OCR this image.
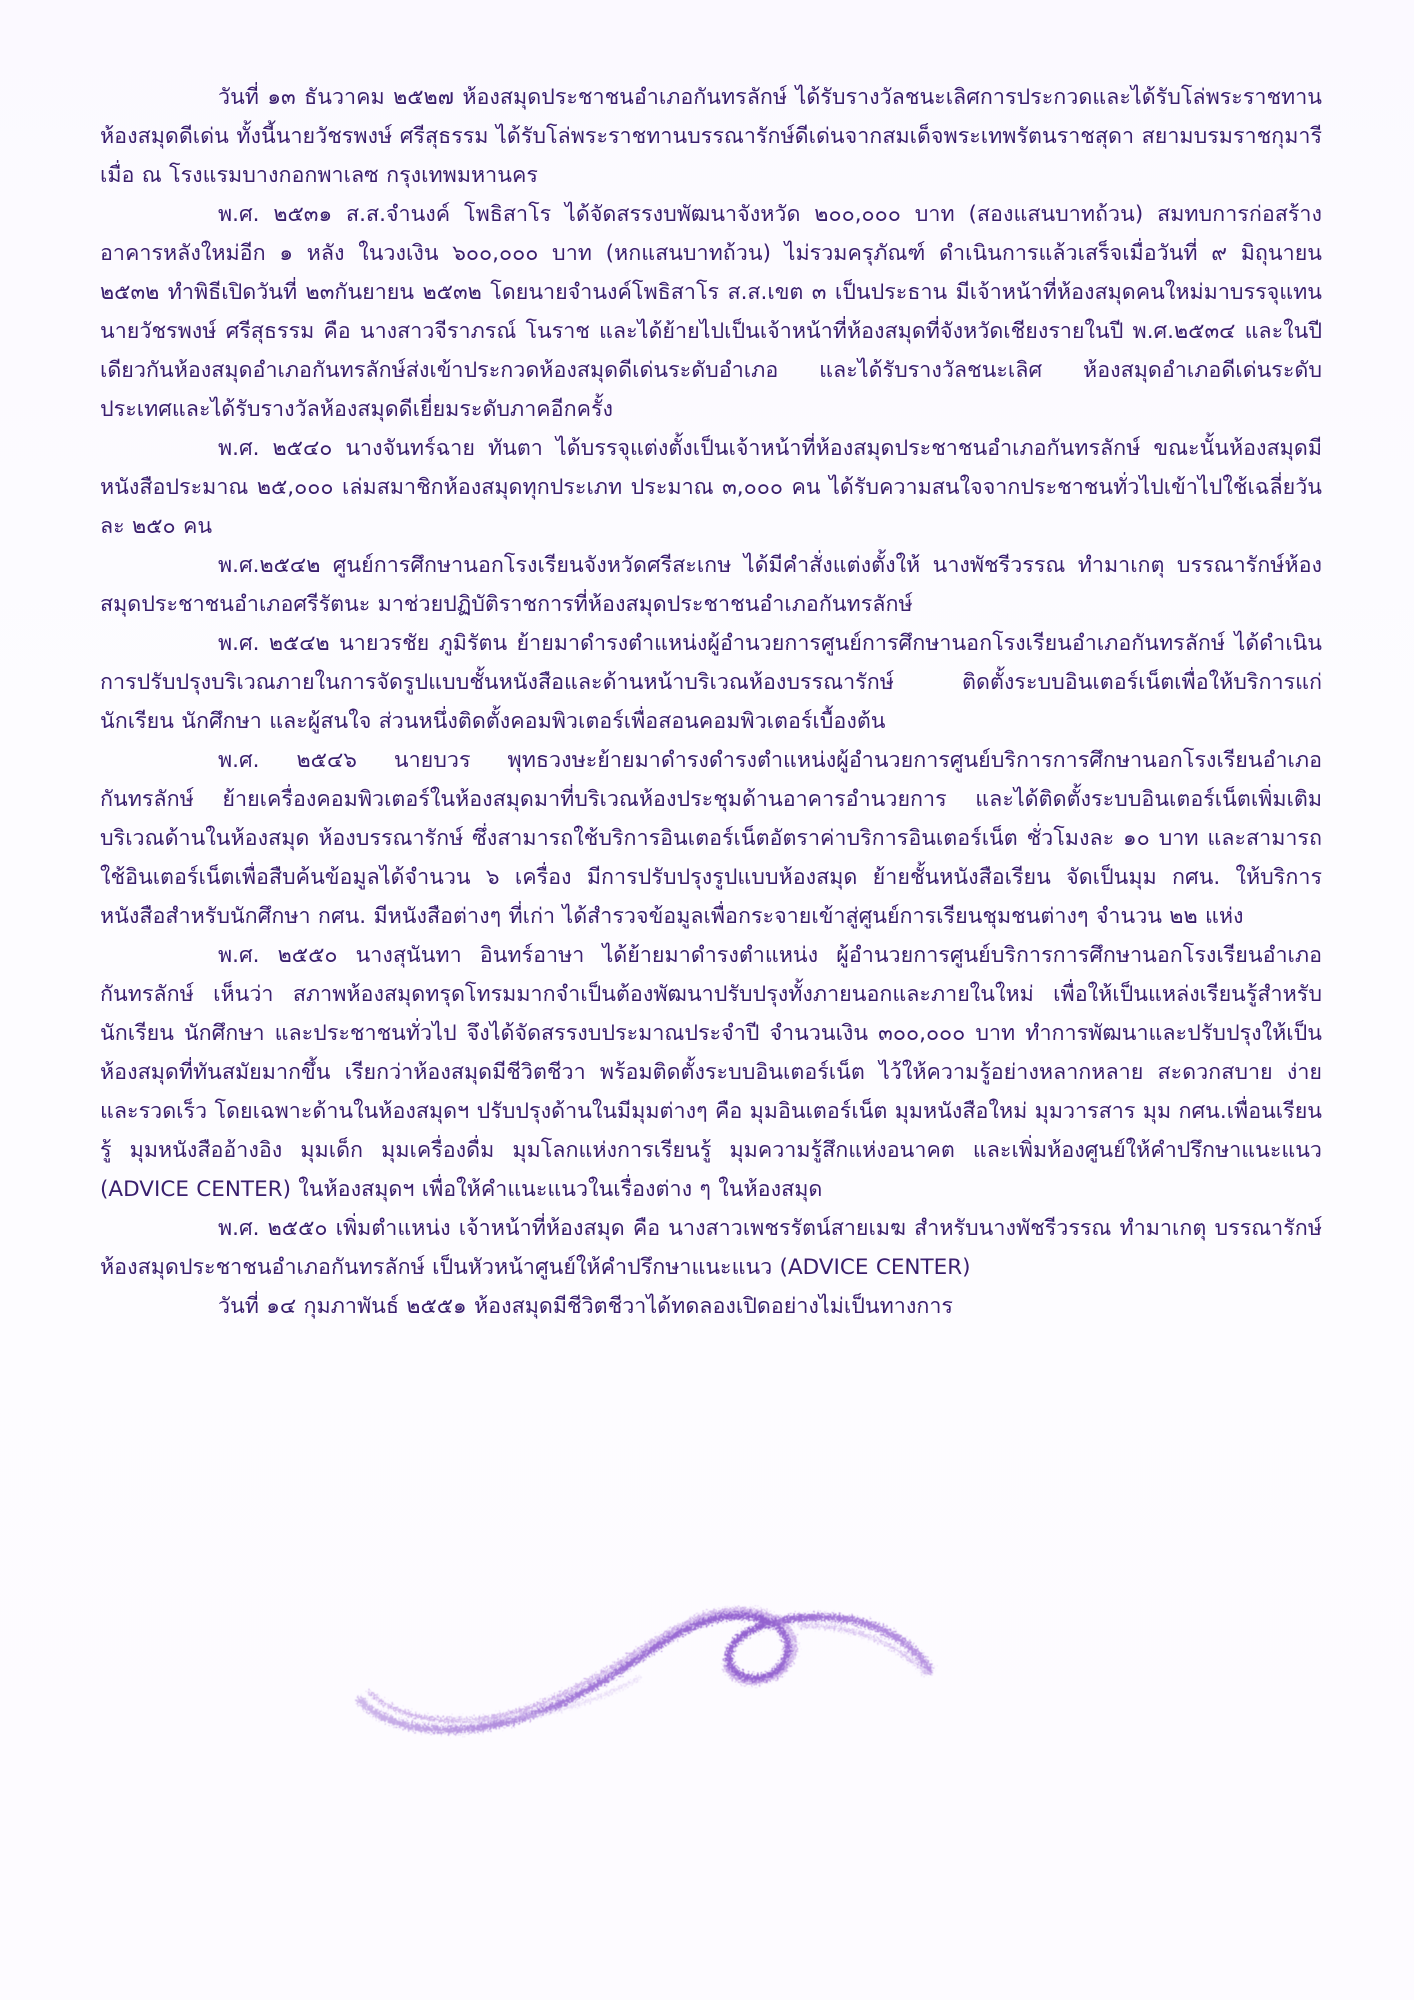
วันที่ ๑๓ ธันวาคม ๒๕๒๗ ห้องสมุดประชาชนอำเภอกันทรลักษ์ ได้รับรางวัลชนะเลิศการประกวดและได้รับโล่พระราชทานห้องสมุดดีเด่น ทั้งนี้นายวัชรพงษ์ ศรีสุธรรม ได้รับโล่พระราชทานบรรณารักษ์ดีเด่นจากสมเด็จพระเทพรัตนราชสุดา สยามบรมราชกุมารี เมื่อ ณ โรงแรมบางกอกพาเลซ กรุงเทพมหานคร

พ.ศ. ๒๕๓๑ ส.ส.จำนงค์ โพธิสาโร ได้จัดสรรงบพัฒนาจังหวัด ๒๐๐,๐๐๐ บาท (สองแสนบาทถ้วน) สมทบการก่อสร้างอาคารหลังใหม่อีก ๑ หลัง ในวงเงิน ๖๐๐,๐๐๐ บาท (หกแสนบาทถ้วน) ไม่รวมครุภัณฑ์ ดำเนินการแล้วเสร็จเมื่อวันที่ ๙ มิถุนายน ๒๕๓๒ ทำพิธีเปิดวันที่ ๒๓กันยายน ๒๕๓๒ โดยนายจำนงค์โพธิสาโร ส.ส.เขต ๓ เป็นประธาน มีเจ้าหน้าที่ห้องสมุดคนใหม่มาบรรจุแทนนายวัชรพงษ์ ศรีสุธรรม คือ นางสาวจีราภรณ์ โนราช และได้ย้ายไปเป็นเจ้าหน้าที่ห้องสมุดที่จังหวัดเชียงรายในปี พ.ศ.๒๕๓๔ และในปีเดียวกันห้องสมุดอำเภอกันทรลักษ์ส่งเข้าประกวดห้องสมุดดีเด่นระดับอำเภอ และได้รับรางวัลชนะเลิศ ห้องสมุดอำเภอดีเด่นระดับประเทศและได้รับรางวัลห้องสมุดดีเยี่ยมระดับภาคอีกครั้ง

พ.ศ. ๒๕๔๐ นางจันทร์ฉาย ทันตา ได้บรรจุแต่งตั้งเป็นเจ้าหน้าที่ห้องสมุดประชาชนอำเภอกันทรลักษ์ ขณะนั้นห้องสมุดมีหนังสือประมาณ ๒๕,๐๐๐ เล่มสมาชิกห้องสมุดทุกประเภท ประมาณ ๓,๐๐๐ คน ได้รับความสนใจจากประชาชนทั่วไปเข้าไปใช้เฉลี่ยวันละ ๒๕๐ คน

พ.ศ.๒๕๔๒ ศูนย์การศึกษานอกโรงเรียนจังหวัดศรีสะเกษ ได้มีคำสั่งแต่งตั้งให้ นางพัชรีวรรณ ทำมาเกตุ บรรณารักษ์ห้องสมุดประชาชนอำเภอศรีรัตนะ มาช่วยปฏิบัติราชการที่ห้องสมุดประชาชนอำเภอกันทรลักษ์

พ.ศ. ๒๕๔๒ นายวรชัย ภูมิรัตน ย้ายมาดำรงตำแหน่งผู้อำนวยการศูนย์การศึกษานอกโรงเรียนอำเภอกันทรลักษ์ ได้ดำเนินการปรับปรุงบริเวณภายในการจัดรูปแบบชั้นหนังสือและด้านหน้าบริเวณห้องบรรณารักษ์ ติดตั้งระบบอินเตอร์เน็ตเพื่อให้บริการแก่นักเรียน นักศึกษา และผู้สนใจ ส่วนหนึ่งติดตั้งคอมพิวเตอร์เพื่อสอนคอมพิวเตอร์เบื้องต้น

พ.ศ. ๒๕๔๖ นายบวร พุทธวงษะย้ายมาดำรงดำรงตำแหน่งผู้อำนวยการศูนย์บริการการศึกษานอกโรงเรียนอำเภอกันทรลักษ์ ย้ายเครื่องคอมพิวเตอร์ในห้องสมุดมาที่บริเวณห้องประชุมด้านอาคารอำนวยการ และได้ติดตั้งระบบอินเตอร์เน็ตเพิ่มเติมบริเวณด้านในห้องสมุด ห้องบรรณารักษ์ ซึ่งสามารถใช้บริการอินเตอร์เน็ตอัตราค่าบริการอินเตอร์เน็ต ชั่วโมงละ ๑๐ บาท และสามารถใช้อินเตอร์เน็ตเพื่อสืบค้นข้อมูลได้จำนวน ๖ เครื่อง มีการปรับปรุงรูปแบบห้องสมุด ย้ายชั้นหนังสือเรียน จัดเป็นมุม กศน. ให้บริการหนังสือสำหรับนักศึกษา กศน. มีหนังสือต่างๆ ที่เก่า ได้สำรวจข้อมูลเพื่อกระจายเข้าสู่ศูนย์การเรียนชุมชนต่างๆ จำนวน ๒๒ แห่ง

พ.ศ. ๒๕๕๐ นางสุนันทา อินทร์อาษา ได้ย้ายมาดำรงตำแหน่ง ผู้อำนวยการศูนย์บริการการศึกษานอกโรงเรียนอำเภอกันทรลักษ์ เห็นว่า สภาพห้องสมุดทรุดโทรมมากจำเป็นต้องพัฒนาปรับปรุงทั้งภายนอกและภายในใหม่ เพื่อให้เป็นแหล่งเรียนรู้สำหรับนักเรียน นักศึกษา และประชาชนทั่วไป จึงได้จัดสรรงบประมาณประจำปี จำนวนเงิน ๓๐๐,๐๐๐ บาท ทำการพัฒนาและปรับปรุงให้เป็นห้องสมุดที่ทันสมัยมากขึ้น เรียกว่าห้องสมุดมีชีวิตชีวา พร้อมติดตั้งระบบอินเตอร์เน็ต ไว้ให้ความรู้อย่างหลากหลาย สะดวกสบาย ง่าย และรวดเร็ว โดยเฉพาะด้านในห้องสมุดฯ ปรับปรุงด้านในมีมุมต่างๆ คือ มุมอินเตอร์เน็ต มุมหนังสือใหม่ มุมวารสาร มุม กศน.เพื่อนเรียนรู้ มุมหนังสืออ้างอิง มุมเด็ก มุมเครื่องดื่ม มุมโลกแห่งการเรียนรู้ มุมความรู้สึกแห่งอนาคต และเพิ่มห้องศูนย์ให้คำปรึกษาแนะแนว (ADVICE CENTER) ในห้องสมุดฯ เพื่อให้คำแนะแนวในเรื่องต่าง ๆ ในห้องสมุด

พ.ศ. ๒๕๕๐ เพิ่มตำแหน่ง เจ้าหน้าที่ห้องสมุด คือ นางสาวเพชรรัตน์สายเมฆ สำหรับนางพัชรีวรรณ ทำมาเกตุ บรรณารักษ์ห้องสมุดประชาชนอำเภอกันทรลักษ์ เป็นหัวหน้าศูนย์ให้คำปรึกษาแนะแนว (ADVICE CENTER)

วันที่ ๑๔ กุมภาพันธ์ ๒๕๕๑ ห้องสมุดมีชีวิตชีวาได้ทดลองเปิดอย่างไม่เป็นทางการ
